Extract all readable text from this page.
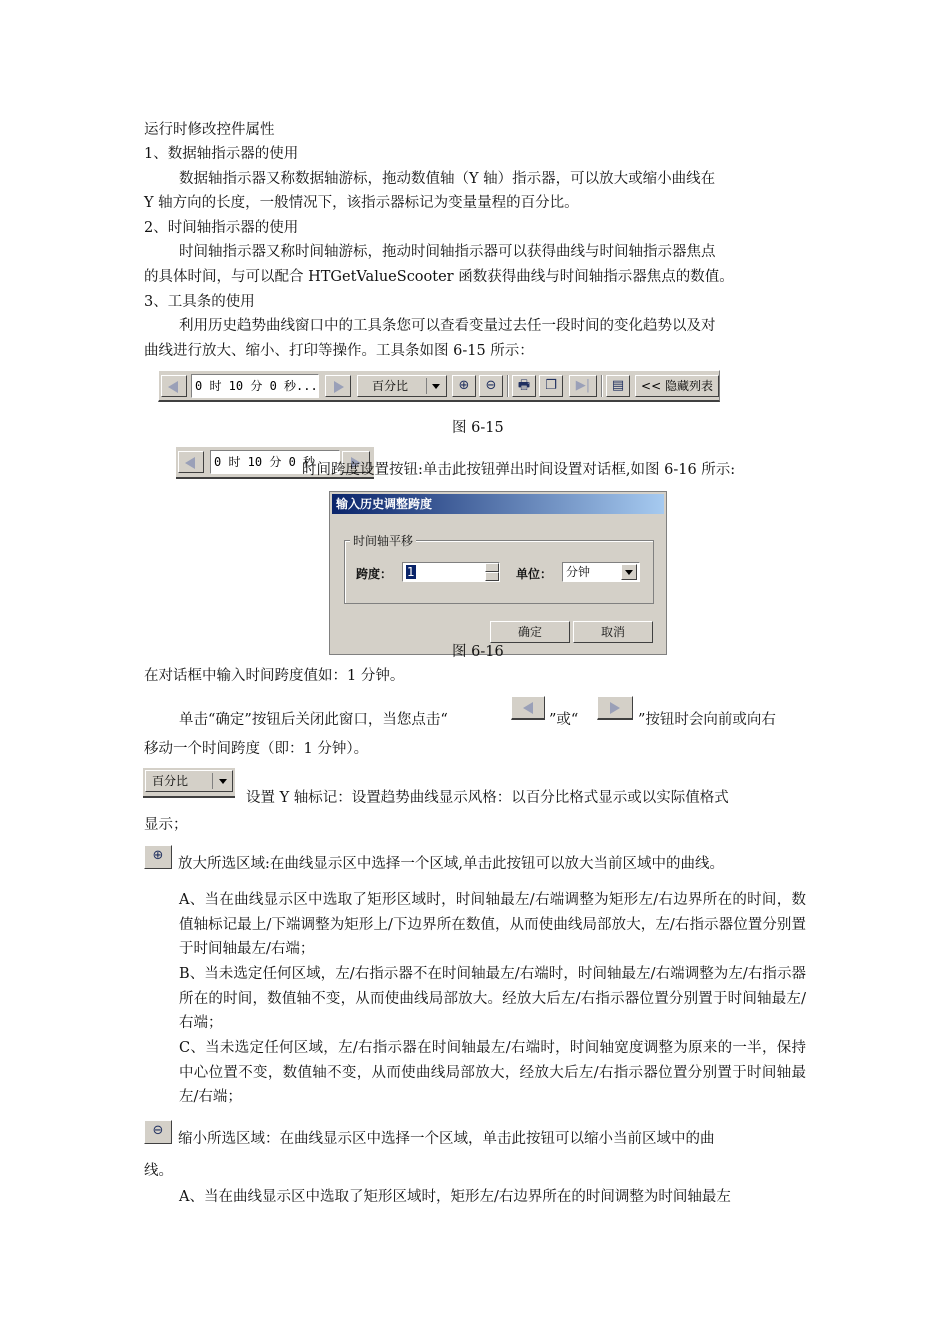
运行时修改控件属性
1、数据轴指示器的使用
数据轴指示器又称数据轴游标，拖动数值轴（Y 轴）指示器，可以放大或缩小曲线在
Y 轴方向的长度，一般情况下，该指示器标记为变量量程的百分比。
2、时间轴指示器的使用
时间轴指示器又称时间轴游标，拖动时间轴指示器可以获得曲线与时间轴指示器焦点
的具体时间，与可以配合 HTGetValueScooter 函数获得曲线与时间轴指示器焦点的数值。
3、工具条的使用
利用历史趋势曲线窗口中的工具条您可以查看变量过去任一段时间的变化趋势以及对
曲线进行放大、缩小、打印等操作。工具条如图 6-15 所示：
0 时 10 分 0 秒...	百分比	⊕	⊖	🖶	❐	▶|	▤	<< 隐藏列表
图 6-15
0 时 10 分 0 秒
时间跨度设置按钮:单击此按钮弹出时间设置对话框,如图 6-16 所示:
输入历史调整跨度
时间轴平移
跨度：	1	单位：	分钟
确定	取消
图 6-16
在对话框中输入时间跨度值如：1 分钟。
单击“确定”按钮后关闭此窗口，当您点击“	”或“	”按钮时会向前或向右
移动一个时间跨度（即：1 分钟）。
百分比
设置 Y 轴标记：设置趋势曲线显示风格：以百分比格式显示或以实际值格式
显示；
⊕
放大所选区域:在曲线显示区中选择一个区域,单击此按钮可以放大当前区域中的曲线。
A、当在曲线显示区中选取了矩形区域时，时间轴最左/右端调整为矩形左/右边界所在的时间，数值轴标记最上/下端调整为矩形上/下边界所在数值，从而使曲线局部放大，左/右指示器位置分别置于时间轴最左/右端；
B、当未选定任何区域，左/右指示器不在时间轴最左/右端时，时间轴最左/右端调整为左/右指示器所在的时间，数值轴不变，从而使曲线局部放大。经放大后左/右指示器位置分别置于时间轴最左/右端；
C、当未选定任何区域，左/右指示器在时间轴最左/右端时，时间轴宽度调整为原来的一半，保持中心位置不变，数值轴不变，从而使曲线局部放大，经放大后左/右指示器位置分别置于时间轴最左/右端；
⊖
缩小所选区域：在曲线显示区中选择一个区域，单击此按钮可以缩小当前区域中的曲
线。
A、当在曲线显示区中选取了矩形区域时，矩形左/右边界所在的时间调整为时间轴最左
